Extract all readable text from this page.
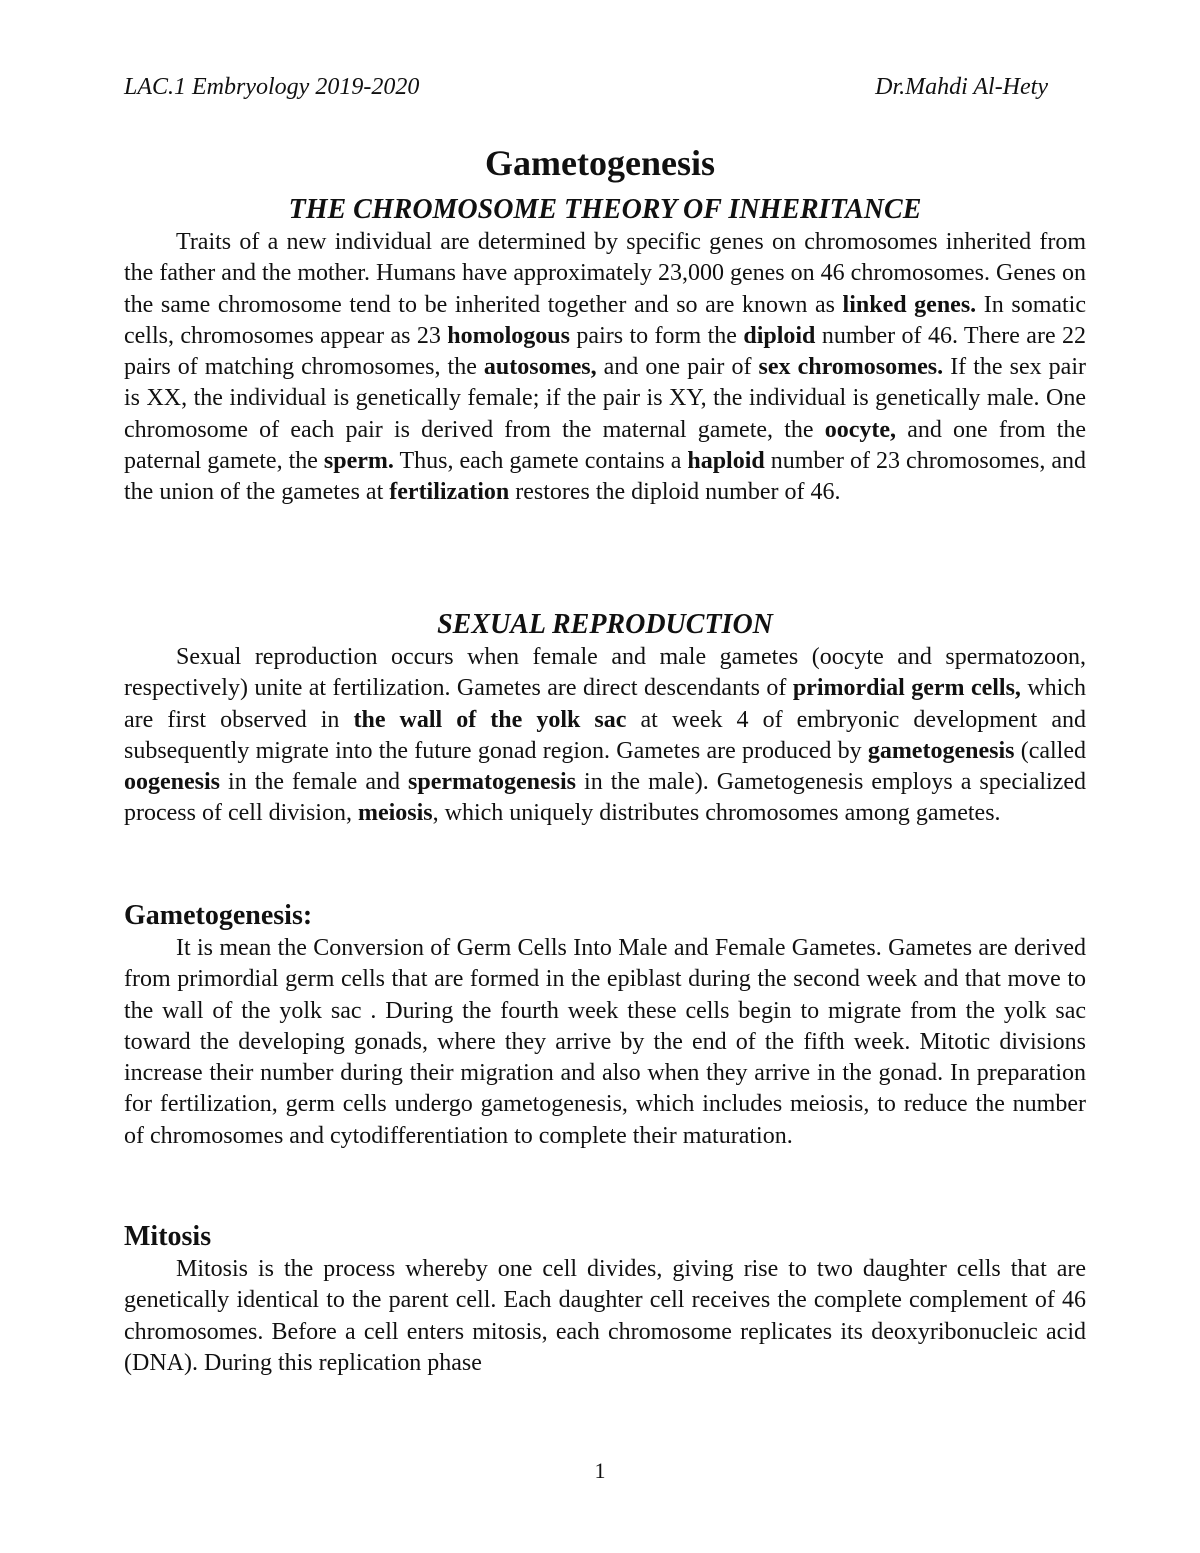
LAC.1 Embryology 2019-2020	Dr.Mahdi Al-Hety
Gametogenesis
THE CHROMOSOME THEORY OF INHERITANCE

Traits of a new individual are determined by specific genes on chromosomes inherited from the father and the mother. Humans have approximately 23,000 genes on 46 chromosomes. Genes on the same chromosome tend to be inherited together and so are known as linked genes. In somatic cells, chromosomes appear as 23 homologous pairs to form the diploid number of 46. There are 22 pairs of matching chromosomes, the autosomes, and one pair of sex chromosomes. If the sex pair is XX, the individual is genetically female; if the pair is XY, the individual is genetically male. One chromosome of each pair is derived from the maternal gamete, the oocyte, and one from the paternal gamete, the sperm. Thus, each gamete contains a haploid number of 23 chromosomes, and the union of the gametes at fertilization restores the diploid number of 46.

SEXUAL REPRODUCTION

Sexual reproduction occurs when female and male gametes (oocyte and spermatozoon, respectively) unite at fertilization. Gametes are direct descendants of primordial germ cells, which are first observed in the wall of the yolk sac at week 4 of embryonic development and subsequently migrate into the future gonad region. Gametes are produced by gametogenesis (called oogenesis in the female and spermatogenesis in the male). Gametogenesis employs a specialized process of cell division, meiosis, which uniquely distributes chromosomes among gametes.

Gametogenesis:

It is mean the Conversion of Germ Cells Into Male and Female Gametes. Gametes are derived from primordial germ cells that are formed in the epiblast during the second week and that move to the wall of the yolk sac . During the fourth week these cells begin to migrate from the yolk sac toward the developing gonads, where they arrive by the end of the fifth week. Mitotic divisions increase their number during their migration and also when they arrive in the gonad. In preparation for fertilization, germ cells undergo gametogenesis, which includes meiosis, to reduce the number of chromosomes and cytodifferentiation to complete their maturation.

Mitosis

Mitosis is the process whereby one cell divides, giving rise to two daughter cells that are genetically identical to the parent cell. Each daughter cell receives the complete complement of 46 chromosomes. Before a cell enters mitosis, each chromosome replicates its deoxyribonucleic acid (DNA). During this replication phase

1
